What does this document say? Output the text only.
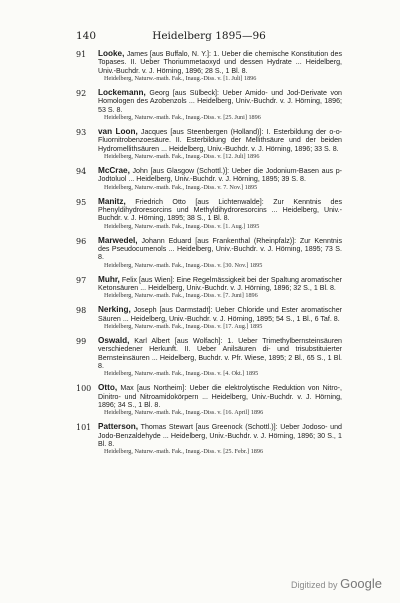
140	Heidelberg 1895—96
91	Looke, James [aus Buffalo, N. Y.]: 1. Ueber die chemische Konstitution des Topases. II. Ueber Thoriummetaoxyd und dessen Hydrate ... Heidelberg, Univ.-Buchdr. v. J. Hörning, 1896; 28 S., 1 Bl. 8.
Heidelberg, Naturw.-math. Fak., Inaug.-Diss. v. [1. Juli] 1896
92	Lockemann, Georg [aus Sülbeck]: Ueber Amido- und Jod-Derivate von Homologen des Azobenzols ... Heidelberg, Univ.-Buchdr. v. J. Hörning, 1896; 53 S. 8.
Heidelberg, Naturw.-math. Fak., Inaug.-Diss. v. [25. Juni] 1896
93	van Loon, Jacques [aus Steenbergen (Holland)]: I. Esterbildung der o-o-Fluornitrobenzoesäure. II. Esterbildung der Mellithsäure und der beiden Hydromellithsäuren ... Heidelberg, Univ.-Buchdr. v. J. Hörning, 1896; 33 S. 8.
Heidelberg, Naturw.-math. Fak., Inaug.-Diss. v. [12. Juli] 1896
94	McCrae, John [aus Glasgow (Schottl.)]: Ueber die Jodonium-Basen aus p-Jodtoluol ... Heidelberg, Univ.-Buchdr. v. J. Hörning, 1895; 39 S. 8.
Heidelberg, Naturw.-math. Fak., Inaug.-Diss. v. 7. Nov.] 1895
95	Manitz, Friedrich Otto [aus Lichtenwalde]: Zur Kenntnis des Phenyldihydroresorcins und Methyldihydroresorcins ... Heidelberg, Univ.-Buchdr. v. J. Hörning, 1895; 38 S., 1 Bl. 8.
Heidelberg, Naturw.-math. Fak., Inaug.-Diss. v. [1. Aug.] 1895
96	Marwedel, Johann Eduard [aus Frankenthal (Rheinpfalz)]: Zur Kenntnis des Pseudocumenols ... Heidelberg, Univ.-Buchdr. v. J. Hörning, 1895; 73 S. 8.
Heidelberg, Naturw.-math. Fak., Inaug.-Diss. v. [30. Nov.] 1895
97	Muhr, Felix [aus Wien]: Eine Regelmässigkeit bei der Spaltung aromatischer Ketonsäuren ... Heidelberg, Univ.-Buchdr. v. J. Hörning, 1896; 32 S., 1 Bl. 8.
Heidelberg, Naturw.-math. Fak., Inaug.-Diss. v. [7. Juni] 1896
98	Nerking, Joseph [aus Darmstadt]: Ueber Chloride und Ester aromatischer Säuren ... Heidelberg, Univ.-Buchdr. v. J. Hörning, 1895; 54 S., 1 Bl., 6 Taf. 8.
Heidelberg, Naturw.-math. Fak., Inaug.-Diss. v. [17. Aug.] 1895
99	Oswald, Karl Albert [aus Wolfach]: 1. Ueber Trimethylbernsteinsäuren verschiedener Herkunft. II. Ueber Anilsäuren di- und trisubstituierter Bernsteinsäuren ... Heidelberg, Buchdr. v. Pfr. Wiese, 1895; 2 Bl., 65 S., 1 Bl. 8.
Heidelberg, Naturw.-math. Fak., Inaug.-Diss. v. [4. Okt.] 1895
100 Otto, Max [aus Northeim]: Ueber die elektrolytische Reduktion von Nitro-, Dinitro- und Nitroamidokörpern ... Heidelberg, Univ.-Buchdr. v. J. Hörning, 1896; 34 S., 1 Bl. 8.
Heidelberg, Naturw.-math. Fak., Inaug.-Diss. v. [16. April] 1896
101 Patterson, Thomas Stewart [aus Greenock (Schottl.)]: Ueber Jodoso- und Jodo-Benzaldehyde ... Heidelberg, Univ.-Buchdr. v. J. Hörning, 1896; 30 S., 1 Bl. 8.
Heidelberg, Naturw.-math. Fak., Inaug.-Diss. v. [25. Febr.] 1896
Digitized by Google
